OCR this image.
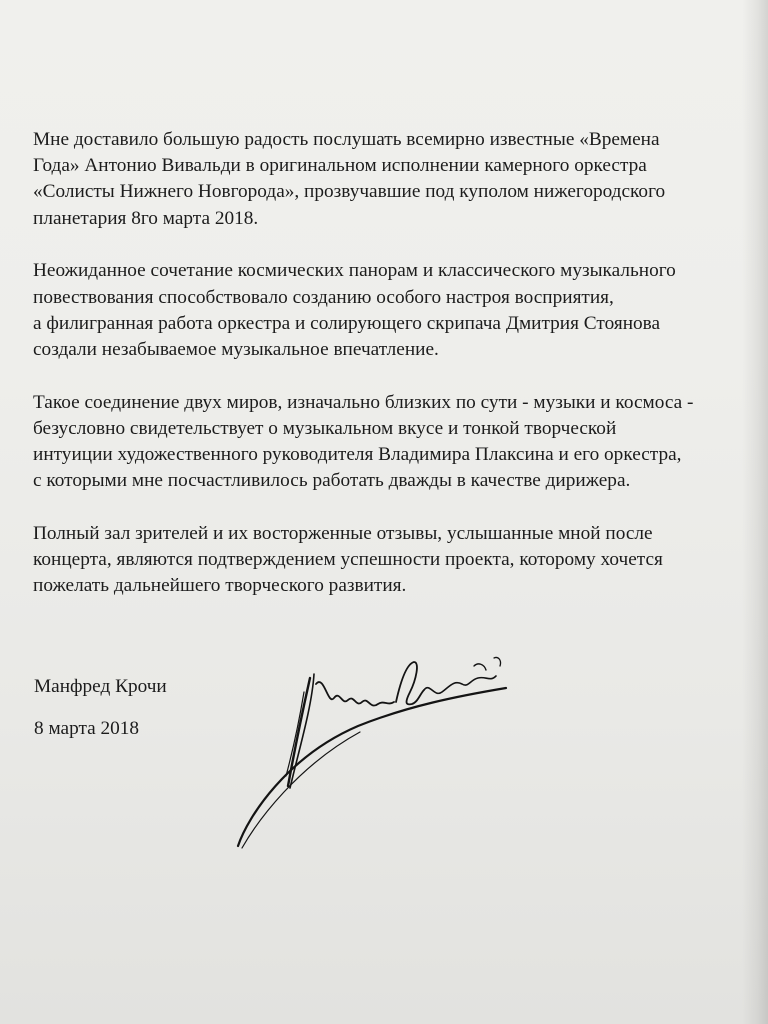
Мне доставило большую радость послушать всемирно известные «Времена
Года» Антонио Вивальди в оригинальном исполнении камерного оркестра
«Солисты Нижнего Новгорода», прозвучавшие под куполом нижегородского
планетария 8го марта 2018.

Неожиданное сочетание космических панорам и классического музыкального
повествования способствовало созданию особого настроя восприятия,
а филигранная работа оркестра и солирующего скрипача Дмитрия Стоянова
создали незабываемое музыкальное впечатление.

Такое соединение двух миров, изначально близких по сути - музыки и космоса -
безусловно свидетельствует о музыкальном вкусе и тонкой творческой
интуиции художественного руководителя Владимира Плаксина и его оркестра,
с которыми мне посчастливилось работать дважды в качестве дирижера.

Полный зал зрителей и их восторженные отзывы, услышанные мной после
концерта, являются подтверждением успешности проекта, которому хочется
пожелать дальнейшего творческого развития.

Манфред Крочи
8 марта 2018
